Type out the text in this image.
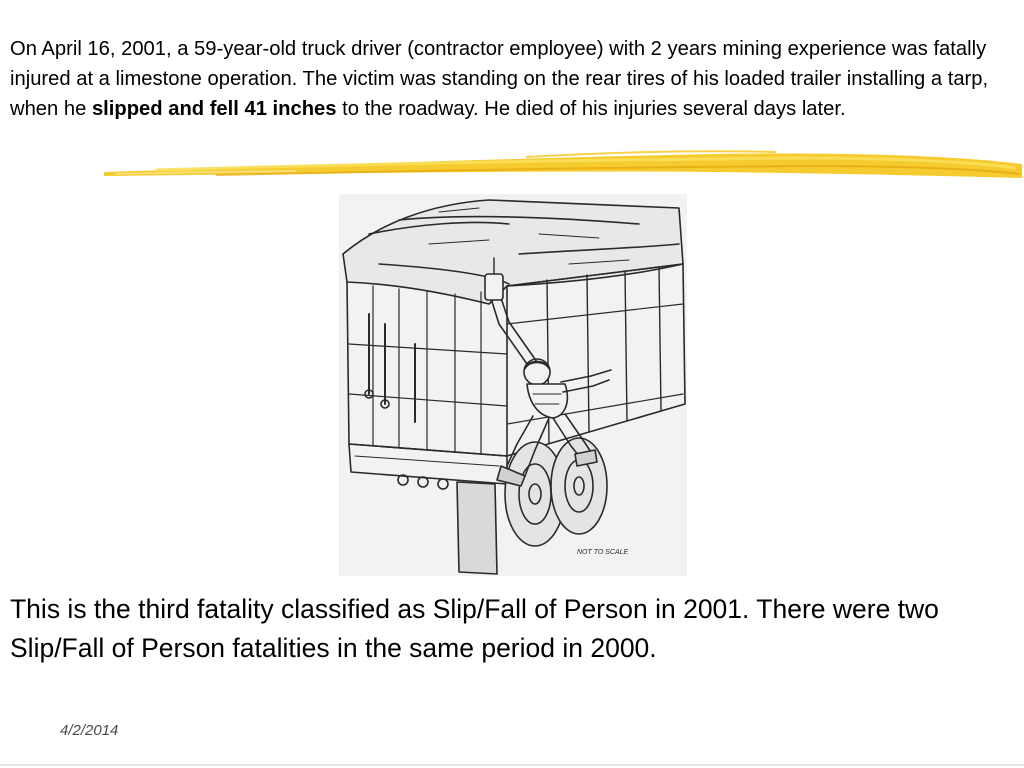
On April 16, 2001, a 59-year-old truck driver (contractor employee) with 2 years mining experience was fatally injured at a limestone operation. The victim was standing on the rear tires of his loaded trailer installing a tarp, when he slipped and fell 41 inches to the roadway. He died of his injuries several days later.

NOT TO SCALE

This is the third fatality classified as Slip/Fall of Person in 2001. There were two Slip/Fall of Person fatalities in the same period in 2000.

4/2/2014
